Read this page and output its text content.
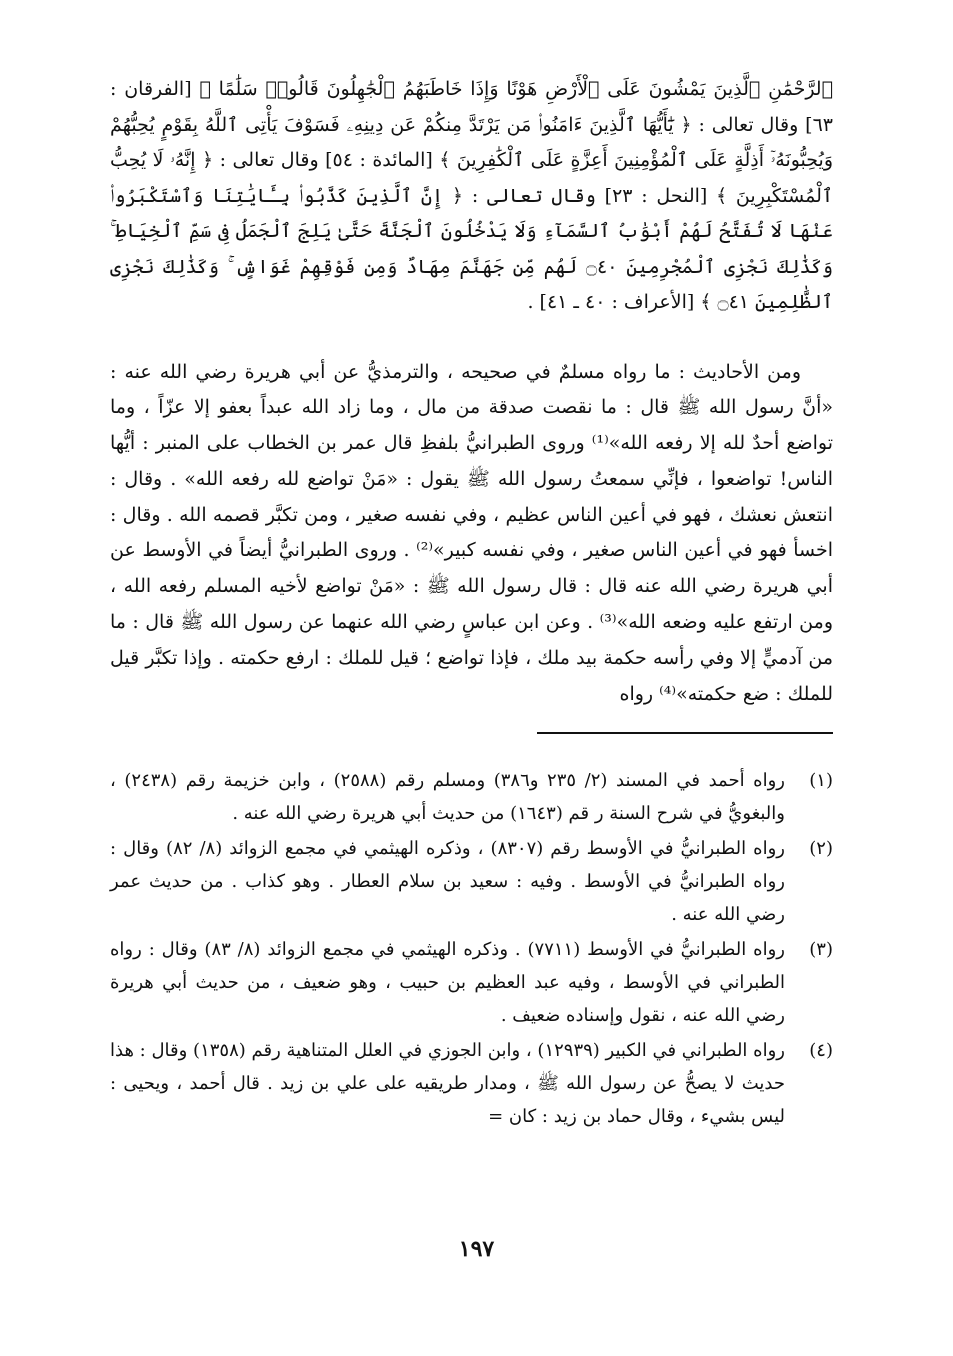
ٱلرَّحْمَٰنِ ٱلَّذِينَ يَمْشُونَ عَلَى ٱلْأَرْضِ هَوْنًا وَإِذَا خَاطَبَهُمُ ٱلْجَٰهِلُونَ قَالُوا۟ سَلَٰمًا ﴾ [الفرقان : ٦٣] وقال تعالى : ﴿ يَٰٓأَيُّهَا ٱلَّذِينَ ءَامَنُوا۟ مَن يَرْتَدَّ مِنكُمْ عَن دِينِهِۦ فَسَوْفَ يَأْتِى ٱللَّهُ بِقَوْمٍ يُحِبُّهُمْ وَيُحِبُّونَهُۥٓ أَذِلَّةٍ عَلَى ٱلْمُؤْمِنِينَ أَعِزَّةٍ عَلَى ٱلْكَٰفِرِينَ ﴾ [المائدة : ٥٤] وقال تعالى : ﴿ إِنَّهُۥ لَا يُحِبُّ ٱلْمُسْتَكْبِرِينَ ﴾ [النحل : ٢٣] وقال تعالى : ﴿ إِنَّ ٱلَّذِينَ كَذَّبُوا۟ بِـَٔايَٰتِنَا وَٱسْتَكْبَرُوا۟ عَنْهَا لَا تُفَتَّحُ لَهُمْ أَبْوَٰبُ ٱلسَّمَآءِ وَلَا يَدْخُلُونَ ٱلْجَنَّةَ حَتَّىٰ يَلِجَ ٱلْجَمَلُ فِى سَمِّ ٱلْخِيَاطِ ۚ وَكَذَٰلِكَ نَجْزِى ٱلْمُجْرِمِينَ ۝٤٠ لَهُم مِّن جَهَنَّمَ مِهَادٌ وَمِن فَوْقِهِمْ غَوَاشٍ ۚ وَكَذَٰلِكَ نَجْزِى ٱلظَّٰلِمِينَ ۝٤١ ﴾ [الأعراف : ٤٠ ـ ٤١] .

ومن الأحاديث : ما رواه مسلمٌ في صحيحه ، والترمذيُّ عن أبي هريرة رضي الله عنه : «أنَّ رسول الله ﷺ قال : ما نقصت صدقة من مال ، وما زاد الله عبداً بعفو إلا عزّاً ، وما تواضع أحدٌ لله إلا رفعه الله»⁽¹⁾ وروى الطبرانيُّ بلفظِ قال عمر بن الخطاب على المنبر : أيُّها الناس! تواضعوا ، فإنِّي سمعتُ رسول الله ﷺ يقول : «مَنْ تواضع لله رفعه الله» . وقال : انتعش نعشك ، فهو في أعين الناس عظيم ، وفي نفسه صغير ، ومن تكبَّر قصمه الله . وقال : اخسأ فهو في أعين الناس صغير ، وفي نفسه كبير»⁽²⁾ . وروى الطبرانيُّ أيضاً في الأوسط عن أبي هريرة رضي الله عنه قال : قال رسول الله ﷺ : «مَنْ تواضع لأخيه المسلم رفعه الله ، ومن ارتفع عليه وضعه الله»⁽³⁾ . وعن ابن عباسٍ رضي الله عنهما عن رسول الله ﷺ قال : ما من آدميٍّ إلا وفي رأسه حكمة بيد ملك ، فإذا تواضع ؛ قيل للملك : ارفع حكمته . وإذا تكبَّر قيل للملك : ضع حكمته»⁽⁴⁾ رواه

(١)
رواه أحمد في المسند (٢/ ٢٣٥ و٣٨٦) ومسلم رقم (٢٥٨٨) ، وابن خزيمة رقم (٢٤٣٨) ، والبغويُّ في شرح السنة ر قم (١٦٤٣) من حديث أبي هريرة رضي الله عنه .
(٢)
رواه الطبرانيُّ في الأوسط رقم (٨٣٠٧) ، وذكره الهيثمي في مجمع الزوائد (٨/ ٨٢) وقال : رواه الطبرانيُّ في الأوسط . وفيه : سعيد بن سلام العطار . وهو كذاب . من حديث عمر رضي الله عنه .
(٣)
رواه الطبرانيُّ في الأوسط (٧٧١١) . وذكره الهيثمي في مجمع الزوائد (٨/ ٨٣) وقال : رواه الطبراني في الأوسط ، وفيه عبد العظيم بن حبيب ، وهو ضعيف ، من حديث أبي هريرة رضي الله عنه ، نقول وإسناده ضعيف .
(٤)
رواه الطبراني في الكبير (١٢٩٣٩) ، وابن الجوزي في العلل المتناهية رقم (١٣٥٨) وقال : هذا حديث لا يصحُّ عن رسول الله ﷺ ، ومدار طريقيه على علي بن زيد . قال أحمد ، ويحيى : ليس بشيء ، وقال حماد بن زيد : كان =
١٩٧
